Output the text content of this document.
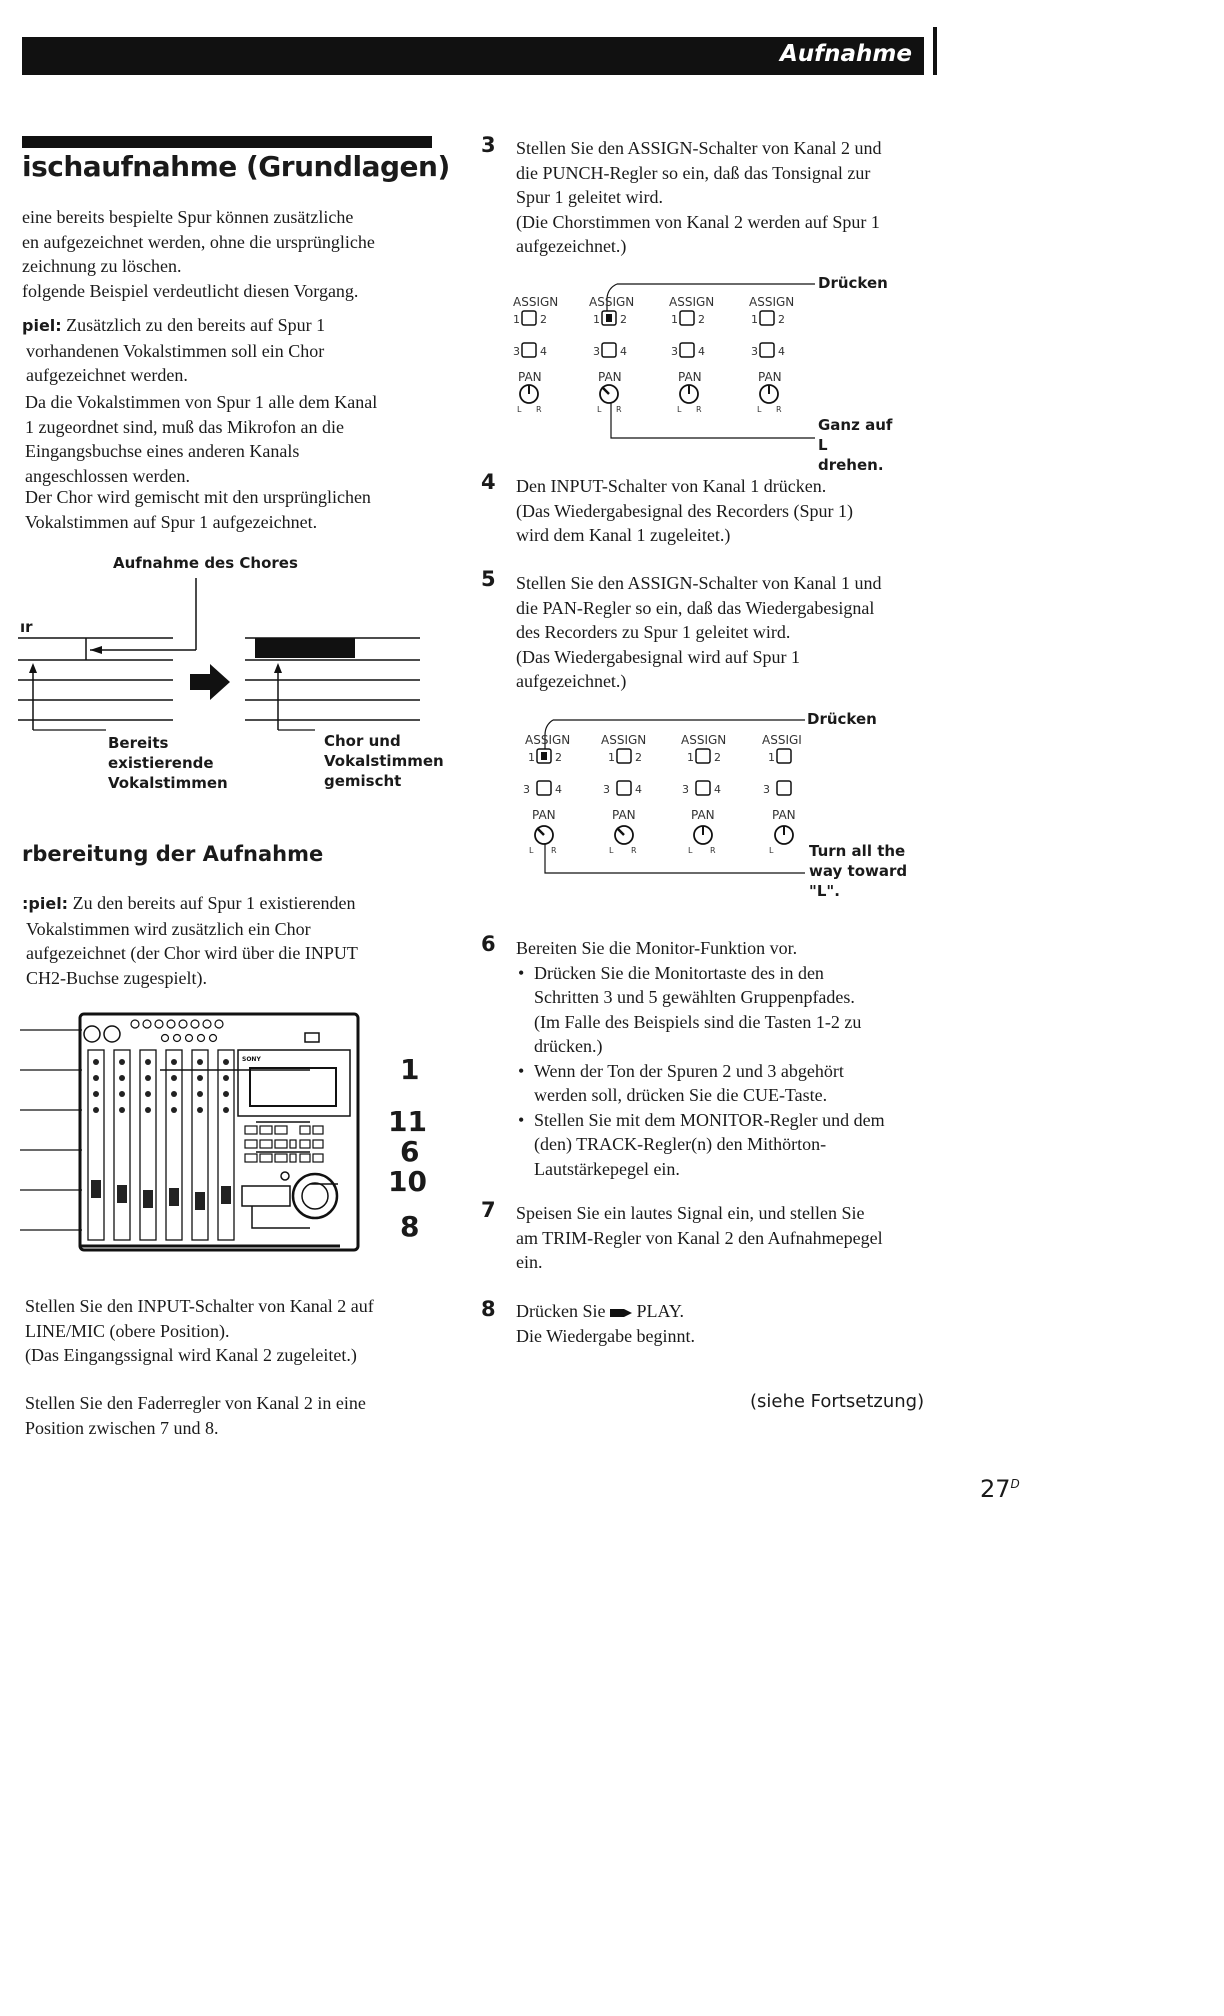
Aufnahme
ischaufnahme (Grundlagen)
eine bereits bespielte Spur können zusätzliche
en aufgezeichnet werden, ohne die ursprüngliche
zeichnung zu löschen.
folgende Beispiel verdeutlicht diesen Vorgang.
piel: Zusätzlich zu den bereits auf Spur 1
vorhandenen Vokalstimmen soll ein Chor
aufgezeichnet werden.
Da die Vokalstimmen von Spur 1 alle dem Kanal
1 zugeordnet sind, muß das Mikrofon an die
Eingangsbuchse eines anderen Kanals
angeschlossen werden.
Der Chor wird gemischt mit den ursprünglichen
Vokalstimmen auf Spur 1 aufgezeichnet.
Aufnahme des Chores
ır
Bereits
existierende
Vokalstimmen
Chor und
Vokalstimmen
gemischt
rbereitung der Aufnahme
:piel: Zu den bereits auf Spur 1 existierenden
Vokalstimmen wird zusätzlich ein Chor
aufgezeichnet (der Chor wird über die INPUT
CH2-Buchse zugespielt).
SONY	1
11
6
10
8
Stellen Sie den INPUT-Schalter von Kanal 2 auf
LINE/MIC (obere Position).
(Das Eingangssignal wird Kanal 2 zugeleitet.)
Stellen Sie den Faderregler von Kanal 2 in eine
Position zwischen 7 und 8.
3 Stellen Sie den ASSIGN-Schalter von Kanal 2 und
die PUNCH-Regler so ein, daß das Tonsignal zur
Spur 1 geleitet wird.
(Die Chorstimmen von Kanal 2 werden auf Spur 1
aufgezeichnet.)
1 2	1 2	1 2	1 2
3 4	3 4	3 4	3 4
L R	L R	L R	L R
ASSIGN	ASSIGN	ASSIGN	ASSIGN
PAN	PAN	PAN	PAN
Drücken
Ganz auf L
drehen.
4 Den INPUT-Schalter von Kanal 1 drücken.
(Das Wiedergabesignal des Recorders (Spur 1)
wird dem Kanal 1 zugeleitet.)
5 Stellen Sie den ASSIGN-Schalter von Kanal 1 und
die PAN-Regler so ein, daß das Wiedergabesignal
des Recorders zu Spur 1 geleitet wird.
(Das Wiedergabesignal wird auf Spur 1
aufgezeichnet.)
1 2	1 2	1 2	1
3 4	3 4	3 4	3
L R	L R	L R	L
ASSIGN	ASSIGN	ASSIGN	ASSIGI
PAN	PAN	PAN	PAN
Drücken
Turn all the
way toward
"L".
6 Bereiten Sie die Monitor-Funktion vor.
• Drücken Sie die Monitortaste des in den
Schritten 3 und 5 gewählten Gruppenpfades.
(Im Falle des Beispiels sind die Tasten 1-2 zu
drücken.)
• Wenn der Ton der Spuren 2 und 3 abgehört
werden soll, drücken Sie die CUE-Taste.
• Stellen Sie mit dem MONITOR-Regler und dem
(den) TRACK-Regler(n) den Mithörton-
Lautstärkepegel ein.
7 Speisen Sie ein lautes Signal ein, und stellen Sie
am TRIM-Regler von Kanal 2 den Aufnahmepegel
ein.
8 Drücken Sie PLAY.
Die Wiedergabe beginnt.
(siehe Fortsetzung)
$27^D$
